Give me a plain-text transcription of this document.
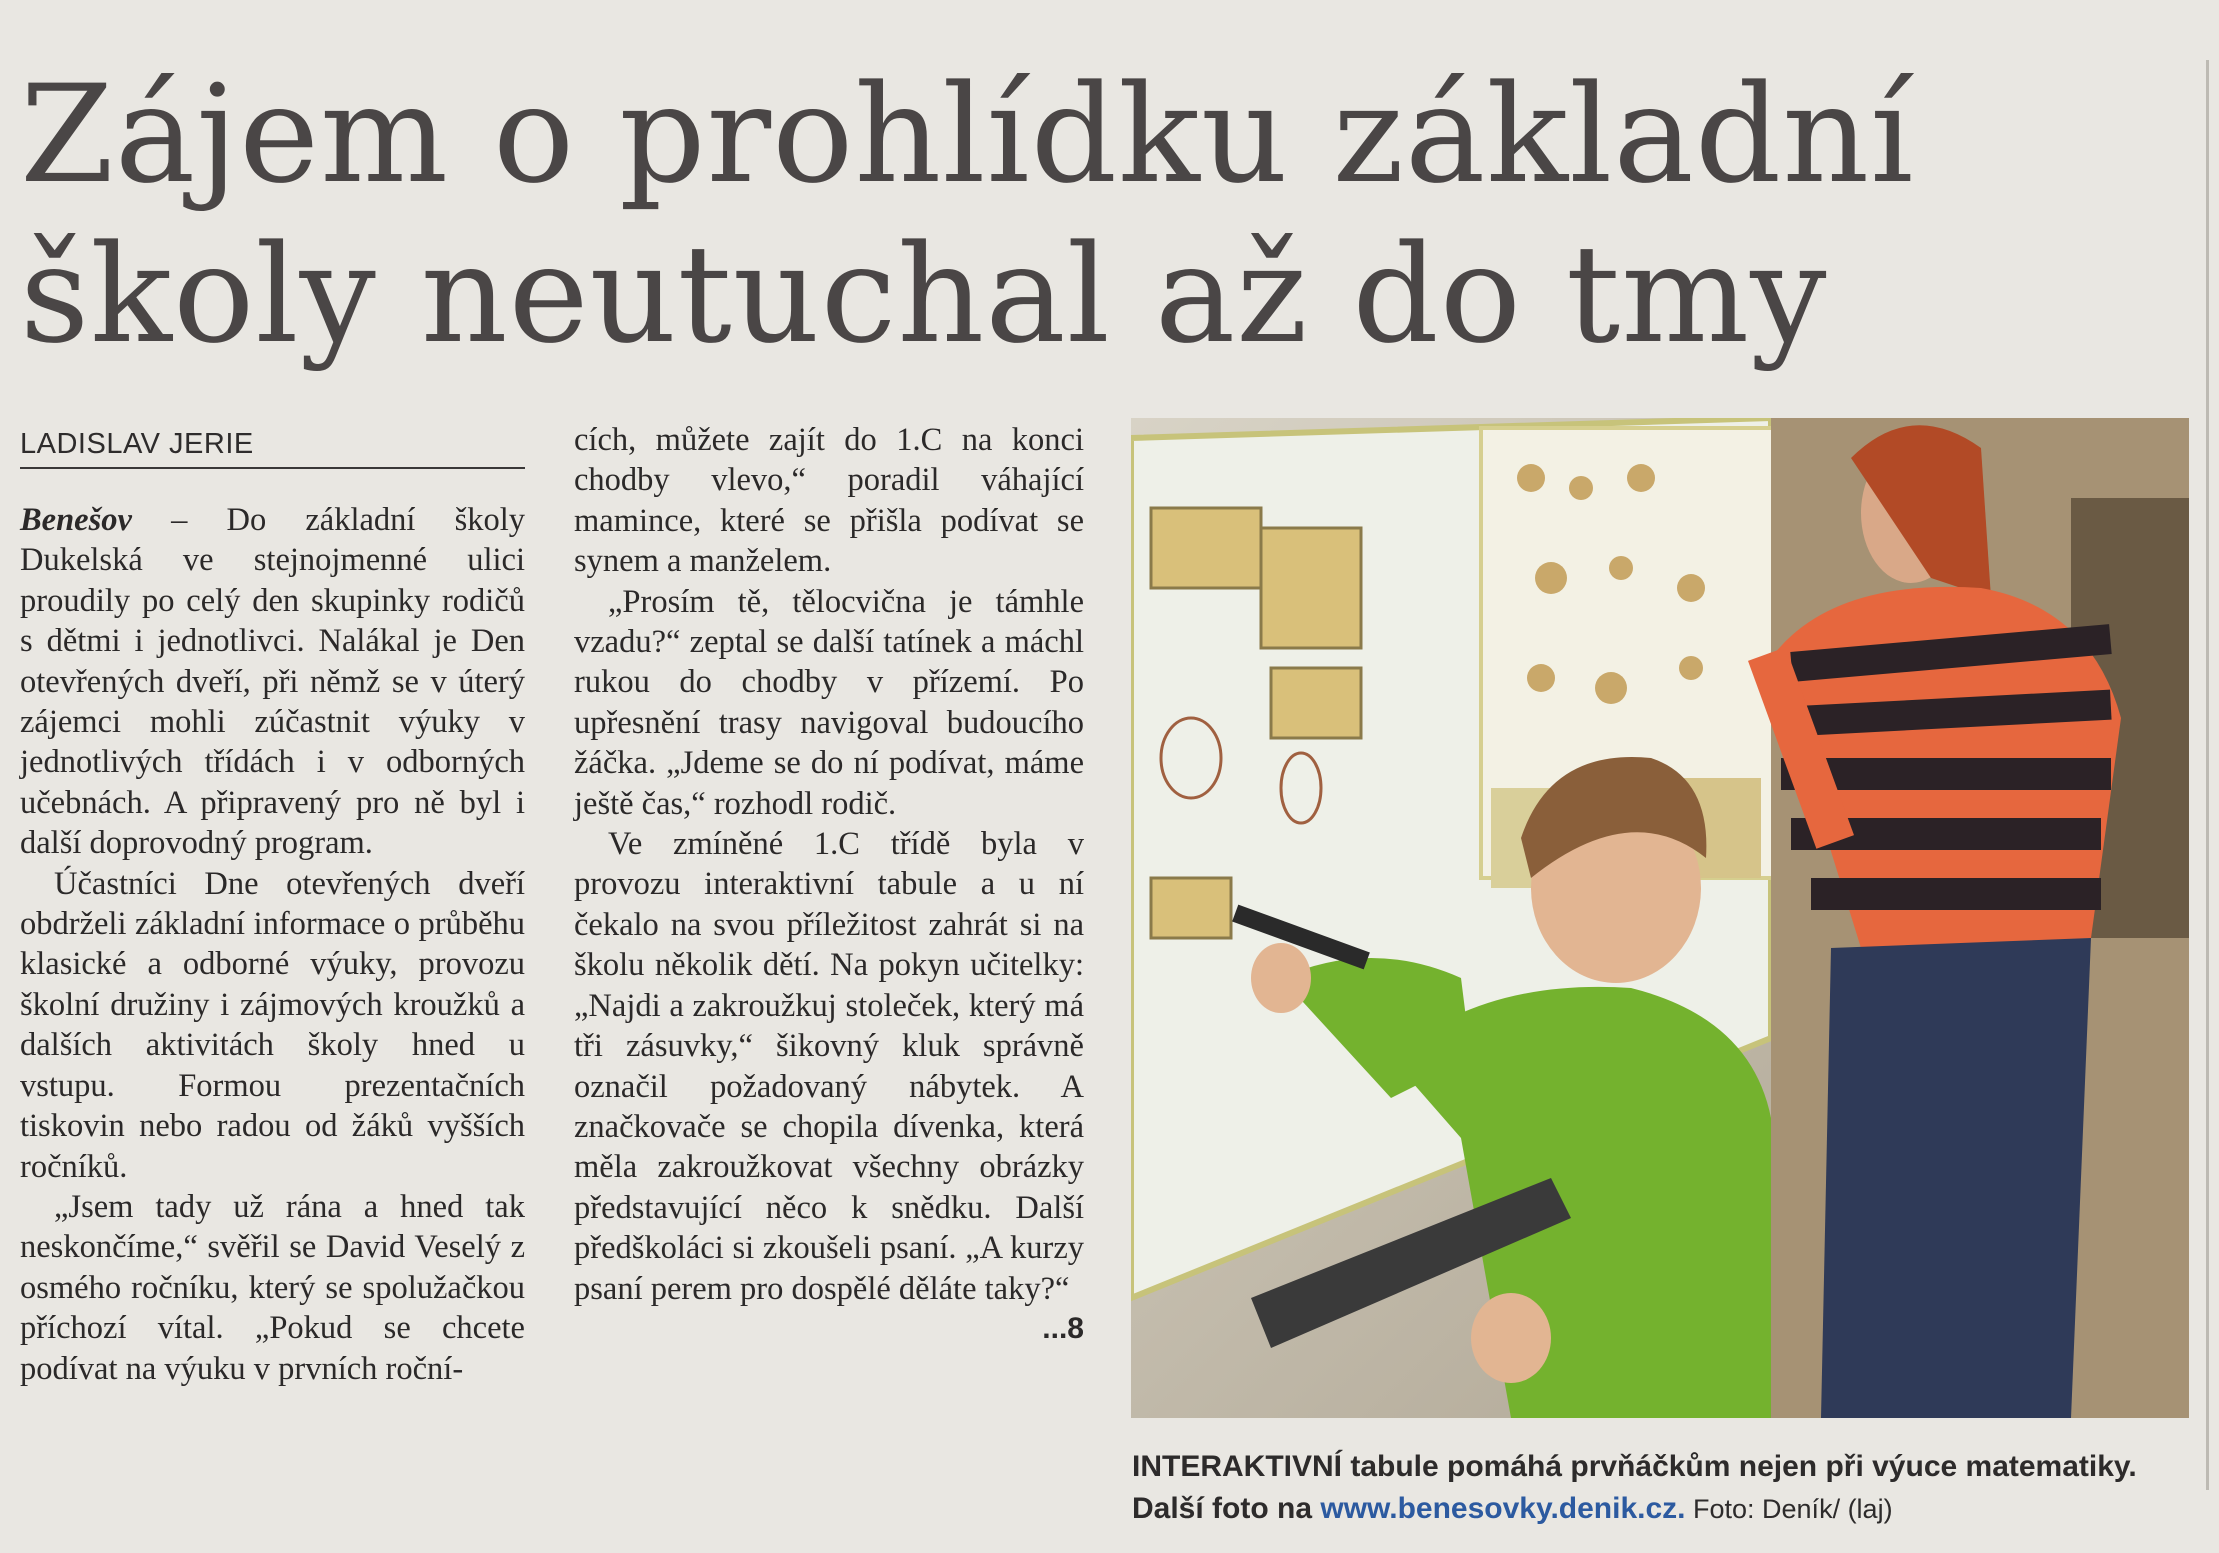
Zájem o prohlídku základní
školy neutuchal až do tmy
LADISLAV JERIE

Benešov – Do základní školy Dukelská ve stejnojmenné ulici proudily po celý den skupinky rodičů s dětmi i jednotlivci. Nalákal je Den otevřených dveří, při němž se v úterý zájemci mohli zúčastnit výuky v jednotlivých třídách i v odborných učebnách. A připravený pro ně byl i další doprovodný program.

Účastníci Dne otevřených dveří obdrželi základní informace o průběhu klasické a odborné výuky, provozu školní družiny i zájmových kroužků a dalších aktivitách školy hned u vstupu. Formou prezentačních tiskovin nebo radou od žáků vyšších ročníků.

„Jsem tady už rána a hned tak neskončíme,“ svěřil se David Veselý z osmého ročníku, který se spolužačkou příchozí vítal. „Pokud se chcete podívat na výuku v prvních roční-

cích, můžete zajít do 1.C na konci chodby vlevo,“ poradil váhající mamince, které se přišla podívat se synem a manželem.

„Prosím tě, tělocvična je támhle vzadu?“ zeptal se další tatínek a máchl rukou do chodby v přízemí. Po upřesnění trasy navigoval budoucího žáčka. „Jdeme se do ní podívat, máme ještě čas,“ rozhodl rodič.

Ve zmíněné 1.C třídě byla v provozu interaktivní tabule a u ní čekalo na svou příležitost zahrát si na školu několik dětí. Na pokyn učitelky: „Najdi a zakroužkuj stoleček, který má tři zásuvky,“ šikovný kluk správně označil požadovaný nábytek. A značkovače se chopila dívenka, která měla zakroužkovat všechny obrázky představující něco k snědku. Další předškoláci si zkoušeli psaní. „A kurzy psaní perem pro dospělé děláte taky?“
...8

INTERAKTIVNÍ tabule pomáhá prvňáčkům nejen při výuce matematiky. Další foto na www.benesovky.denik.cz. Foto: Deník/ (laj)
